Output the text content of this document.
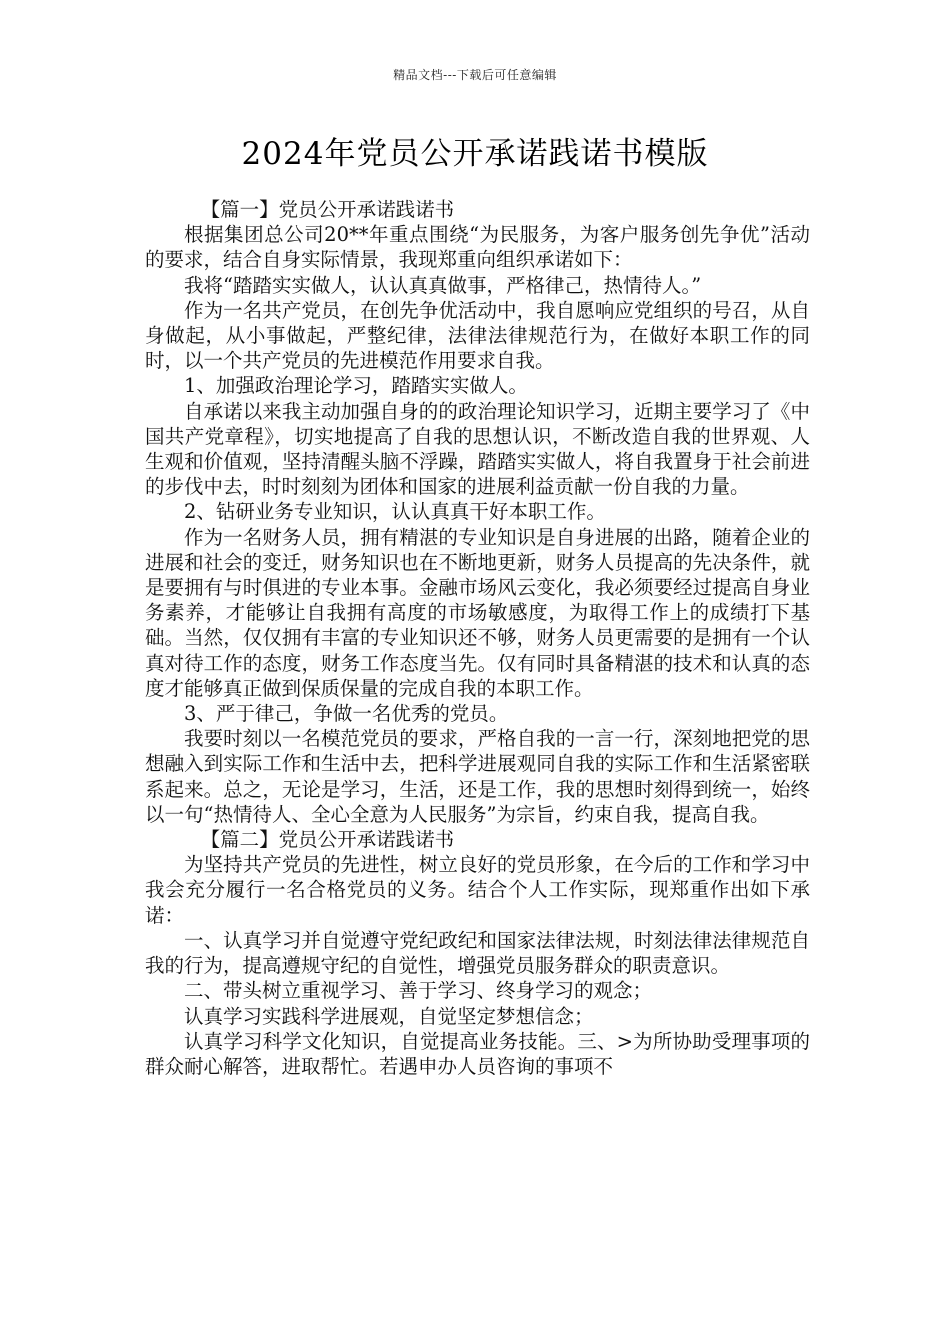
精品文档---下载后可任意编辑
2024年党员公开承诺践诺书模版

【篇一】党员公开承诺践诺书

根据集团总公司20**年重点围绕“为民服务，为客户服务创先争优”活动的要求，结合自身实际情景，我现郑重向组织承诺如下：

我将“踏踏实实做人，认认真真做事，严格律己，热情待人。”

作为一名共产党员，在创先争优活动中，我自愿响应党组织的号召，从自身做起，从小事做起，严整纪律，法律法律规范行为，在做好本职工作的同时，以一个共产党员的先进模范作用要求自我。

1、加强政治理论学习，踏踏实实做人。

自承诺以来我主动加强自身的的政治理论知识学习，近期主要学习了《中国共产党章程》，切实地提高了自我的思想认识，不断改造自我的世界观、人生观和价值观，坚持清醒头脑不浮躁，踏踏实实做人，将自我置身于社会前进的步伐中去，时时刻刻为团体和国家的进展利益贡献一份自我的力量。

2、钻研业务专业知识，认认真真干好本职工作。

作为一名财务人员，拥有精湛的专业知识是自身进展的出路，随着企业的进展和社会的变迁，财务知识也在不断地更新，财务人员提高的先决条件，就是要拥有与时俱进的专业本事。金融市场风云变化，我必须要经过提高自身业务素养，才能够让自我拥有高度的市场敏感度，为取得工作上的成绩打下基础。当然，仅仅拥有丰富的专业知识还不够，财务人员更需要的是拥有一个认真对待工作的态度，财务工作态度当先。仅有同时具备精湛的技术和认真的态度才能够真正做到保质保量的完成自我的本职工作。

3、严于律己，争做一名优秀的党员。

我要时刻以一名模范党员的要求，严格自我的一言一行，深刻地把党的思想融入到实际工作和生活中去，把科学进展观同自我的实际工作和生活紧密联系起来。总之，无论是学习，生活，还是工作，我的思想时刻得到统一，始终以一句“热情待人、全心全意为人民服务”为宗旨，约束自我，提高自我。

【篇二】党员公开承诺践诺书

为坚持共产党员的先进性，树立良好的党员形象，在今后的工作和学习中我会充分履行一名合格党员的义务。结合个人工作实际，现郑重作出如下承诺：

一、认真学习并自觉遵守党纪政纪和国家法律法规，时刻法律法律规范自我的行为，提高遵规守纪的自觉性，增强党员服务群众的职责意识。

二、带头树立重视学习、善于学习、终身学习的观念；

认真学习实践科学进展观，自觉坚定梦想信念；

认真学习科学文化知识，自觉提高业务技能。三、>为所协助受理事项的群众耐心解答，进取帮忙。若遇申办人员咨询的事项不
